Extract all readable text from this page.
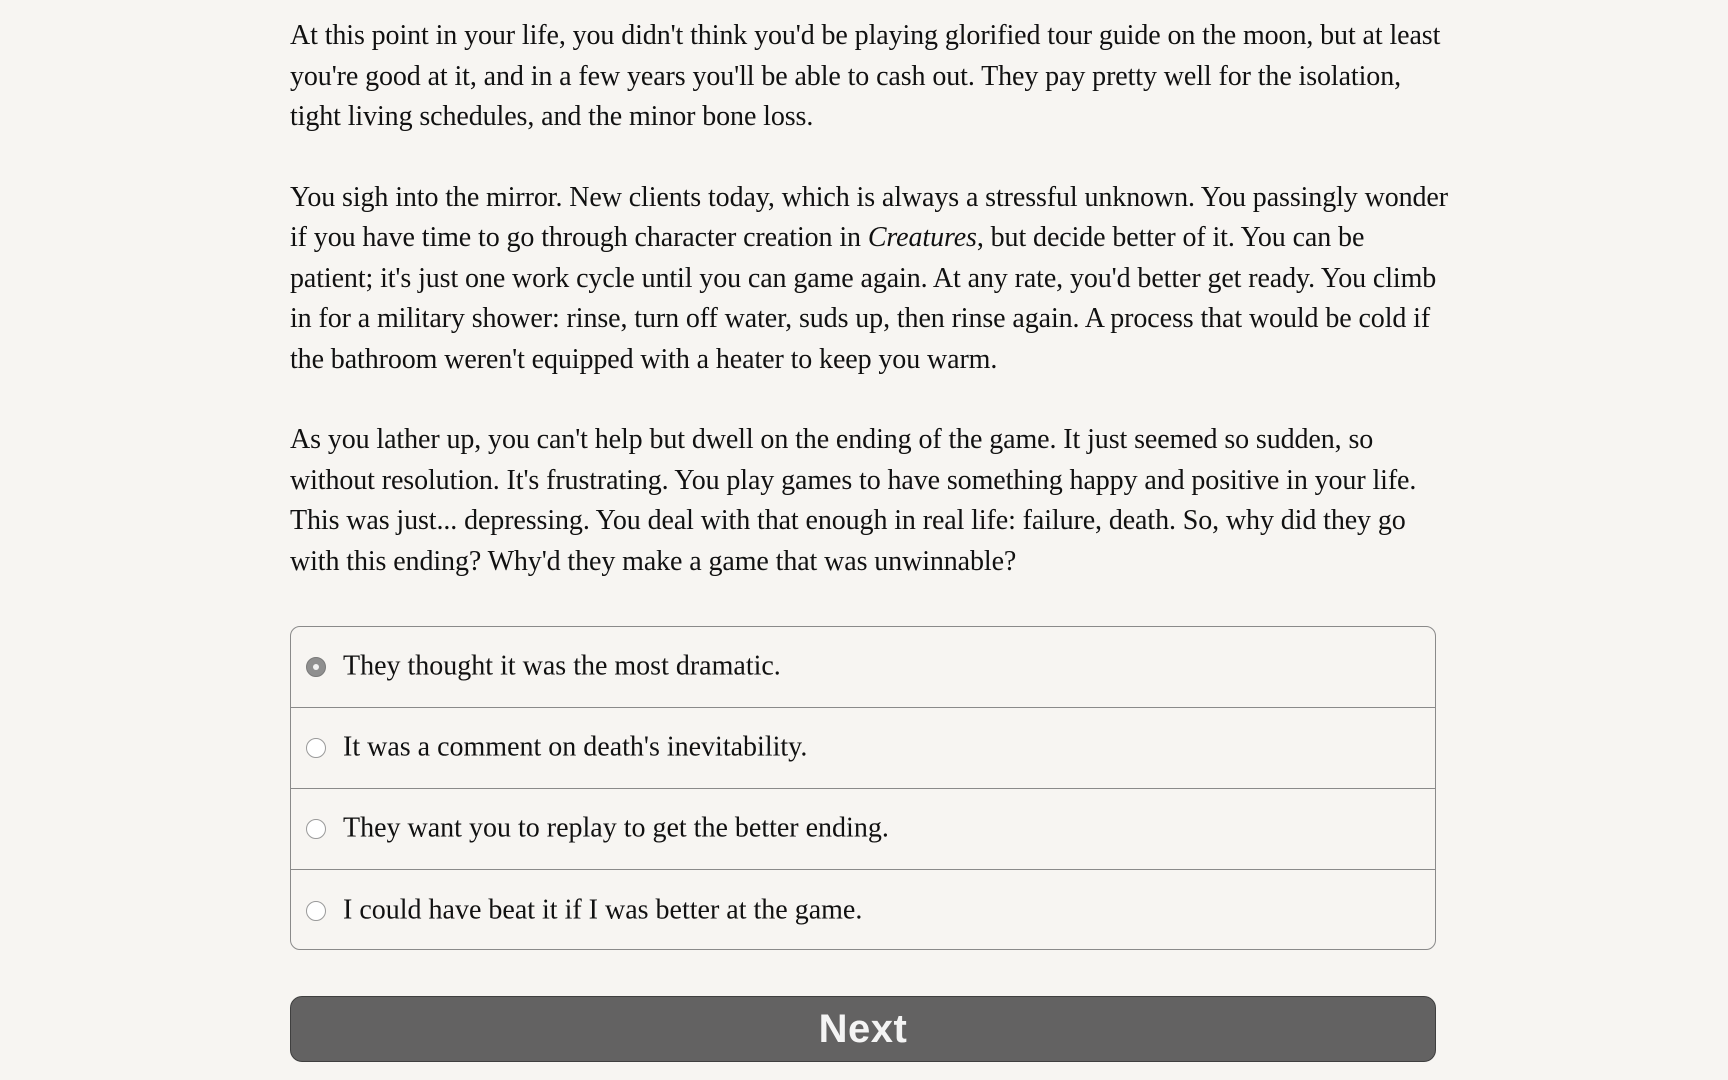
At this point in your life, you didn't think you'd be playing glorified tour guide on the moon, but at least you're good at it, and in a few years you'll be able to cash out. They pay pretty well for the isolation, tight living schedules, and the minor bone loss.

You sigh into the mirror. New clients today, which is always a stressful unknown. You passingly wonder if you have time to go through character creation in Creatures, but decide better of it. You can be patient; it's just one work cycle until you can game again. At any rate, you'd better get ready. You climb in for a military shower: rinse, turn off water, suds up, then rinse again. A process that would be cold if the bathroom weren't equipped with a heater to keep you warm.

As you lather up, you can't help but dwell on the ending of the game. It just seemed so sudden, so without resolution. It's frustrating. You play games to have something happy and positive in your life. This was just... depressing. You deal with that enough in real life: failure, death. So, why did they go with this ending? Why'd they make a game that was unwinnable?

They thought it was the most dramatic.
It was a comment on death's inevitability.
They want you to replay to get the better ending.
I could have beat it if I was better at the game.
Next
